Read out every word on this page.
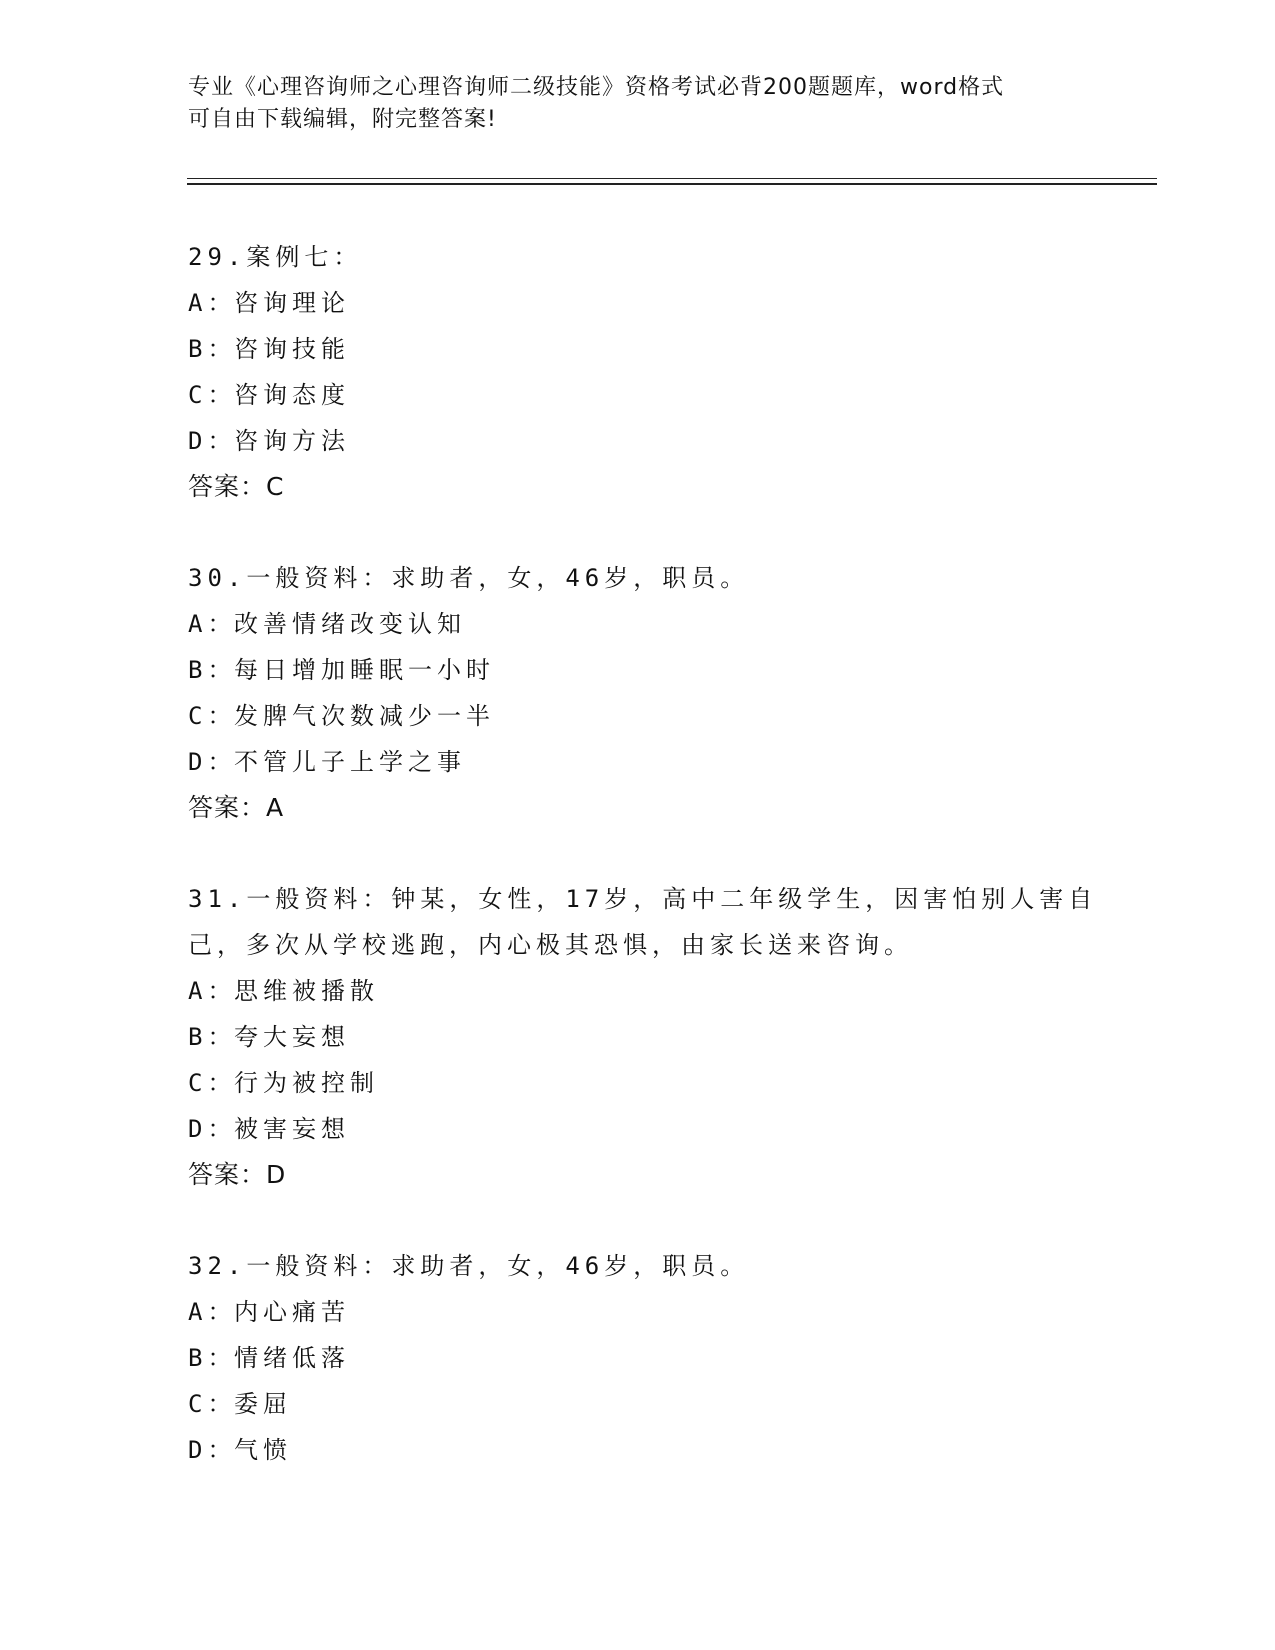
专业《心理咨询师之心理咨询师二级技能》资格考试必背200题题库，word格式
可自由下载编辑，附完整答案!

29.案例七：

A：
咨询理论
B：
咨询技能
C：
咨询态度
D：
咨询方法
答案：C

30.一般资料：求助者，女，46岁，职员。

A：
改善情绪改变认知
B：
每日增加睡眠一小时
C：
发脾气次数减少一半
D：
不管儿子上学之事
答案：A

31.一般资料：钟某，女性，17岁，高中二年级学生，因害怕别人害自己，多次从学校逃跑，内心极其恐惧，由家长送来咨询。

A：
思维被播散
B：
夸大妄想
C：
行为被控制
D：
被害妄想
答案：D

32.一般资料：求助者，女，46岁，职员。

A：
内心痛苦
B：
情绪低落
C：
委屈
D：
气愤
